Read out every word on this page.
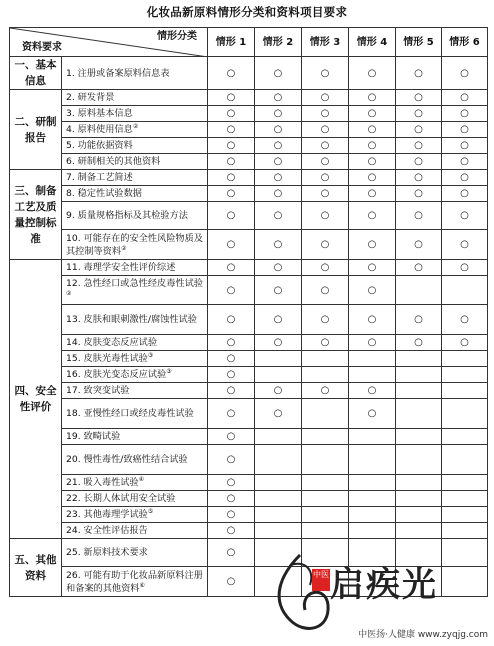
化妆品新原料情形分类和资料项目要求
情形分类
资料要求		情形 1	情形 2	情形 3	情形 4	情形 5	情形 6
一、基本信息	1. 注册或备案原料信息表	○	○	○	○	○	○
二、研制报告	2. 研发背景	○	○	○	○	○	○
	3. 原料基本信息	○	○	○	○	○	○
	4. 原料使用信息②	○	○	○	○	○	○
	5. 功能依据资料	○	○	○	○	○	○
	6. 研制相关的其他资料	○	○	○	○	○	○
三、制备工艺及质量控制标准	7. 制备工艺简述	○	○	○	○	○	○
	8. 稳定性试验数据	○	○	○	○	○	○
	9. 质量规格指标及其检验方法	○	○	○	○	○	○
	10. 可能存在的安全性风险物质及其控制等资料②	○	○	○	○	○	○
四、安全性评价	11. 毒理学安全性评价综述	○	○	○	○	○	○
	12. 急性经口或急性经皮毒性试验②	○	○	○	○		
	13. 皮肤和眼刺激性/腐蚀性试验	○	○	○	○	○	○
	14. 皮肤变态反应试验	○	○	○	○	○	○
	15. 皮肤光毒性试验③	○					
	16. 皮肤光变态反应试验③	○					
	17. 致突变试验	○	○	○	○		
	18. 亚慢性经口或经皮毒性试验	○	○		○		
	19. 致畸试验	○					
	20. 慢性毒性/致癌性结合试验	○					
	21. 吸入毒性试验④	○					
	22. 长期人体试用安全试验	○					
	23. 其他毒理学试验⑤	○					
	24. 安全性评估报告	○					
五、其他资料	25. 新原料技术要求	○					
	26. 可能有助于化妆品新原料注册和备案的其他资料⑥	○					
中医 启疾光
中医扬·人健康 www.zyqjg.com
